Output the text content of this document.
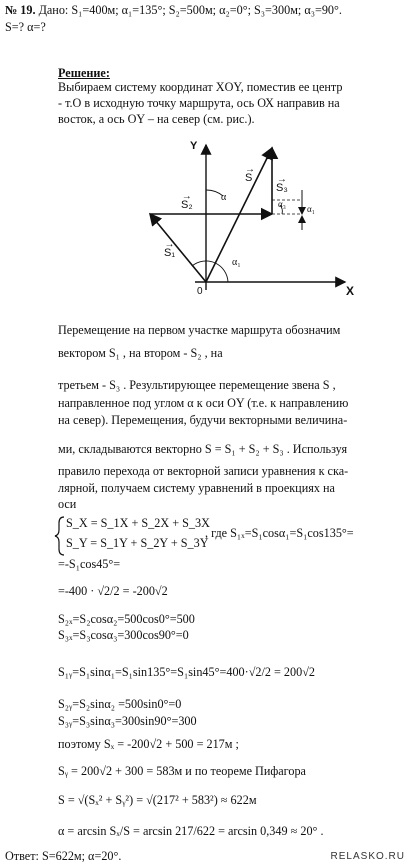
№ 19. Дано: S₁=400м; α₁=135°; S₂=500м; α₂=0°; S₃=300м; α₃=90°.
S=? α=?
Решение:
Выбираем систему координат XOY, поместив ее центр
- т.О в исходную точку маршрута, ось ОХ направив на
восток, а ось OY – на север (см. рис.).
Y
X
0
→ S₁
→ S₂
→ S
→ S₃
α
α₁
α₃ α₁
Перемещение на первом участке маршрута обозначим
вектором S₁ , на втором - S₂ , на
третьем - S₃ . Результирующее перемещение звена S ,
направленное под углом α к оси OY (т.е. к направлению
на север). Перемещения, будучи векторными величина-
ми, складываются векторно S = S₁ + S₂ + S₃ . Используя
правило перехода от векторной записи уравнения к ска-
лярной, получаем систему уравнений в проекциях на
оси
S_X = S_1X + S_2X + S_3X
S_Y = S_1Y + S_2Y + S_3Y
, где S₁ₓ=S₁cosα₁=S₁cos135°=
=-S₁cos45°=
=-400 · √2/2 = -200√2
S₂ₓ=S₂cosα₂=500cos0°=500
S₃ₓ=S₃cosα₃=300cos90°=0
S₁ᵧ=S₁sinα₁=S₁sin135°=S₁sin45°=400·√2/2 = 200√2
S₂ᵧ=S₂sinα₂ =500sin0°=0
S₃ᵧ=S₃sinα₃=300sin90°=300
поэтому Sₓ = -200√2 + 500 = 217м ;
Sᵧ = 200√2 + 300 = 583м и по теореме Пифагора
S = √(Sₓ² + Sᵧ²) = √(217² + 583²) ≈ 622м
α = arcsin Sₓ/S = arcsin 217/622 = arcsin 0,349 ≈ 20° .
Ответ: S=622м; α=20°.	RELASKO.RU
